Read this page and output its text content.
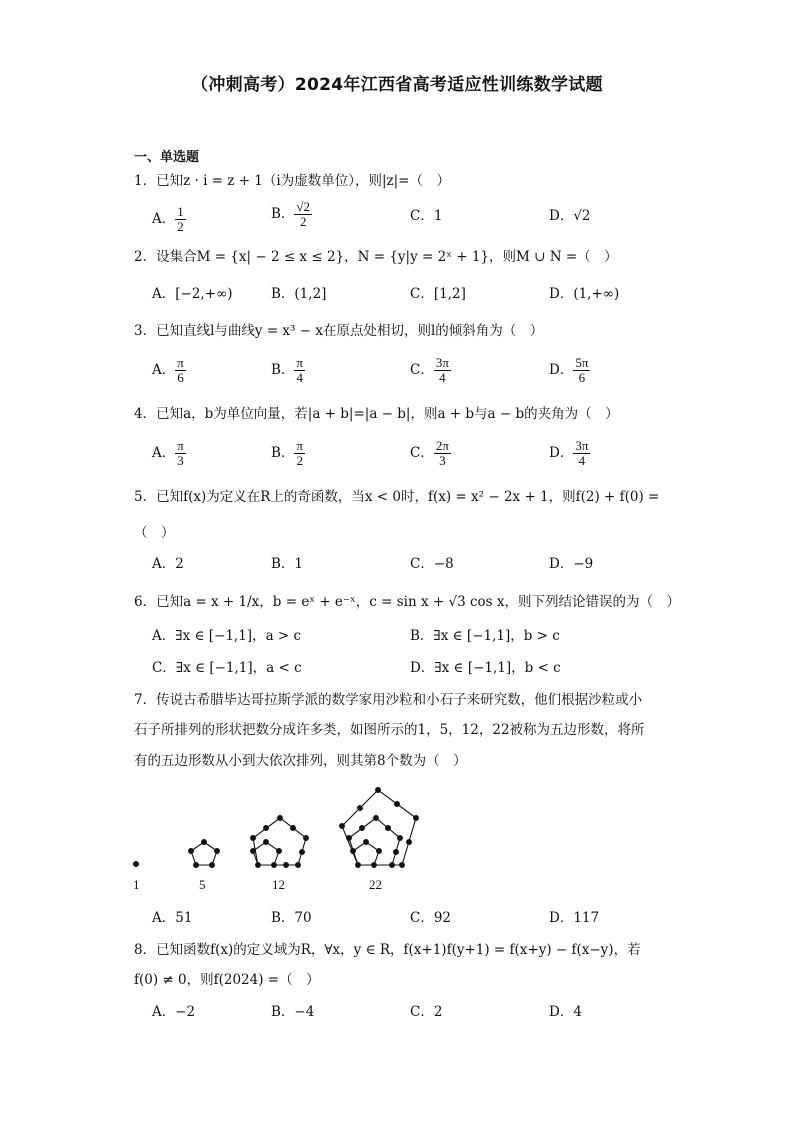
（冲刺高考）2024年江西省高考适应性训练数学试题
一、单选题
1．已知z · i = z + 1（i为虚数单位），则|z|=（　）
A． $\frac{1}{2}$	B． $\frac{√2}{2}$	C．1	D．√2
2．设集合M = {x| − 2 ≤ x ≤ 2}，N = {y|y = 2ˣ + 1}，则M ∪ N =（　）
A．[−2,+∞)	B．(1,2]	C．[1,2]	D．(1,+∞)
3．已知直线l与曲线y = x³ − x在原点处相切，则l的倾斜角为（　）
A． $\frac{\pi}{6}$	B． $\frac{\pi}{4}$	C． $\frac{3\pi}{4}$	D． $\frac{5\pi}{6}$
4．已知a，b为单位向量，若|a + b|=|a − b|，则a + b与a − b的夹角为（　）
A． $\frac{\pi}{3}$	B． $\frac{\pi}{2}$	C． $\frac{2\pi}{3}$	D． $\frac{3\pi}{4}$
5．已知f(x)为定义在R上的奇函数，当x < 0时，f(x) = x² − 2x + 1，则f(2) + f(0) =
（　）
A．2	B．1	C．−8	D．−9
6．已知a = x + 1/x，b = eˣ + e⁻ˣ，c = sin x + √3 cos x，则下列结论错误的为（　）
A．∃x ∈ [−1,1]，a > c	B．∃x ∈ [−1,1]，b > c
C．∃x ∈ [−1,1]，a < c	D．∃x ∈ [−1,1]，b < c
7．传说古希腊毕达哥拉斯学派的数学家用沙粒和小石子来研究数，他们根据沙粒或小
石子所排列的形状把数分成许多类，如图所示的1，5，12，22被称为五边形数，将所
有的五边形数从小到大依次排列，则其第8个数为（　）
1	5	12	22
A．51	B．70	C．92	D．117
8．已知函数f(x)的定义域为R，∀x，y ∈ R，f(x+1)f(y+1) = f(x+y) − f(x−y)，若
f(0) ≠ 0，则f(2024) =（　）
A．−2	B．−4	C．2	D．4
